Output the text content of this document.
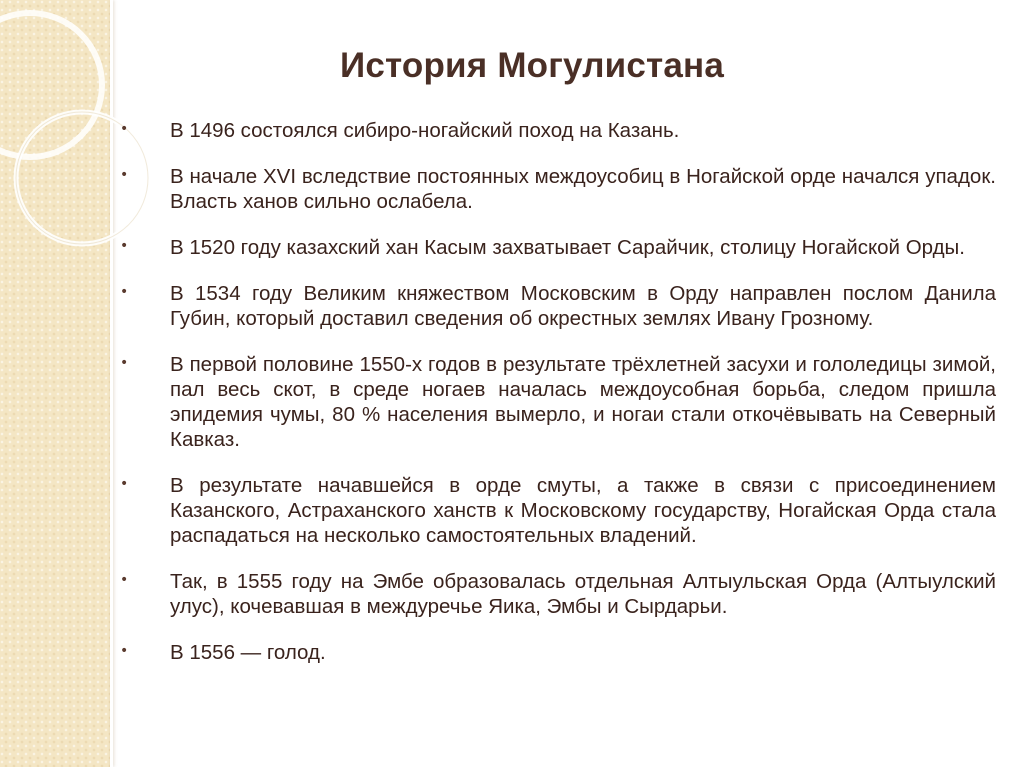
История Могулистана
• В 1496 состоялся сибиро-ногайский поход на Казань.
• В начале XVI вследствие постоянных междоусобиц в Ногайской орде начался упадок. Власть ханов сильно ослабела.
• В 1520 году казахский хан Касым захватывает Сарайчик, столицу Ногайской Орды.
• В 1534 году Великим княжеством Московским в Орду направлен послом Данила Губин, который доставил сведения об окрестных землях Ивану Грозному.
• В первой половине 1550-х годов в результате трёхлетней засухи и гололедицы зимой, пал весь скот, в среде ногаев началась междоусобная борьба, следом пришла эпидемия чумы, 80 % населения вымерло, и ногаи стали откочёвывать на Северный Кавказ.
• В результате начавшейся в орде смуты, а также в связи с присоединением Казанского, Астраханского ханств к Московскому государству, Ногайская Орда стала распадаться на несколько самостоятельных владений.
• Так, в 1555 году на Эмбе образовалась отдельная Алтыульская Орда (Алтыулский улус), кочевавшая в междуречье Яика, Эмбы и Сырдарьи.
• В 1556 — голод.
